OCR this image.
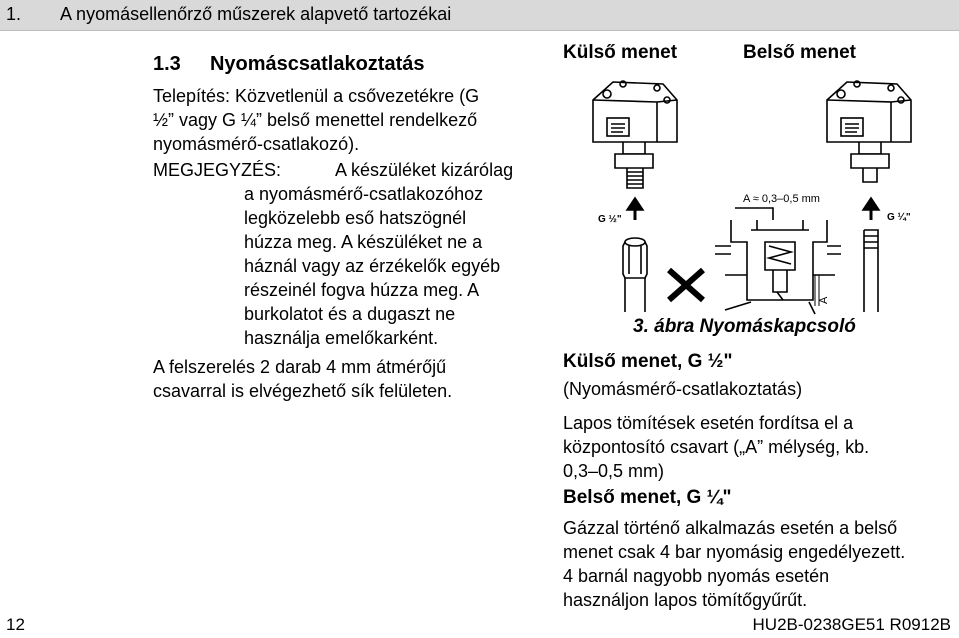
1. A nyomásellenőrző műszerek alapvető tartozékai
1.3 Nyomáscsatlakoztatás
Telepítés: Közvetlenül a csővezetékre (G
½” vagy G ¼” belső menettel rendelkező
nyomásmérő-csatlakozó).
MEGJEGYZÉS:	A készüléket kizárólag
a nyomásmérő-csatlakozóhoz
legközelebb eső hatszögnél
húzza meg. A készüléket ne a
háznál vagy az érzékelők egyéb
részeinél fogva húzza meg. A
burkolatot és a dugaszt ne
használja emelőkarként.
A felszerelés 2 darab 4 mm átmérőjű
csavarral is elvégezhető sík felületen.
Külső menet	Belső menet
G ½"	G ¼"
A ≈ 0,3–0,5 mm
A
3. ábra Nyomáskapcsoló
Külső menet, G ½"
(Nyomásmérő-csatlakoztatás)
Lapos tömítések esetén fordítsa el a
központosító csavart („A” mélység, kb.
0,3–0,5 mm)
Belső menet, G ¼"
Gázzal történő alkalmazás esetén a belső
menet csak 4 bar nyomásig engedélyezett.
4 barnál nagyobb nyomás esetén
használjon lapos tömítőgyűrűt.
12	HU2B-0238GE51 R0912B
